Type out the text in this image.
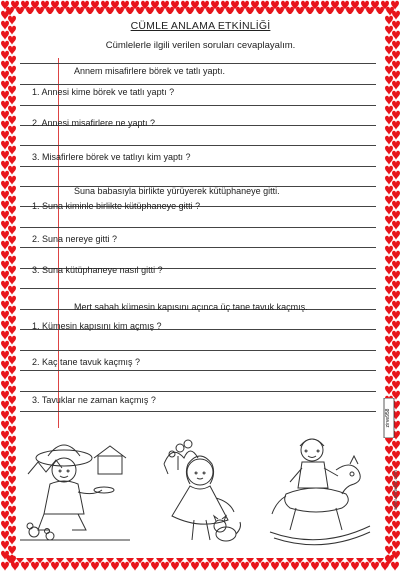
CÜMLE ANLAMA ETKİNLİĞİ
Cümlelerle ilgili verilen soruları cevaplayalım.
Annem misafirlere börek ve tatlı yaptı.
1. Annesi kime börek ve tatlı yaptı ?
2. Annesi misafirlere ne yaptı ?
3. Misafirlere börek ve tatlıyı kim yaptı ?
Suna babasıyla birlikte yürüyerek kütüphaneye gitti.
1. Suna kiminle birlikte kütüphaneye gitti ?
2. Suna nereye gitti ?
3. Suna kütüphaneye nasıl gitti ?
Mert sabah kümesin kapısını açınca üç tane tavuk kaçmış.
1. Kümesin kapısını kim açmış ?
2. Kaç tane tavuk kaçmış ?
3. Tavuklar ne zaman kaçmış ?
www.evdebiz.com
zirve958
